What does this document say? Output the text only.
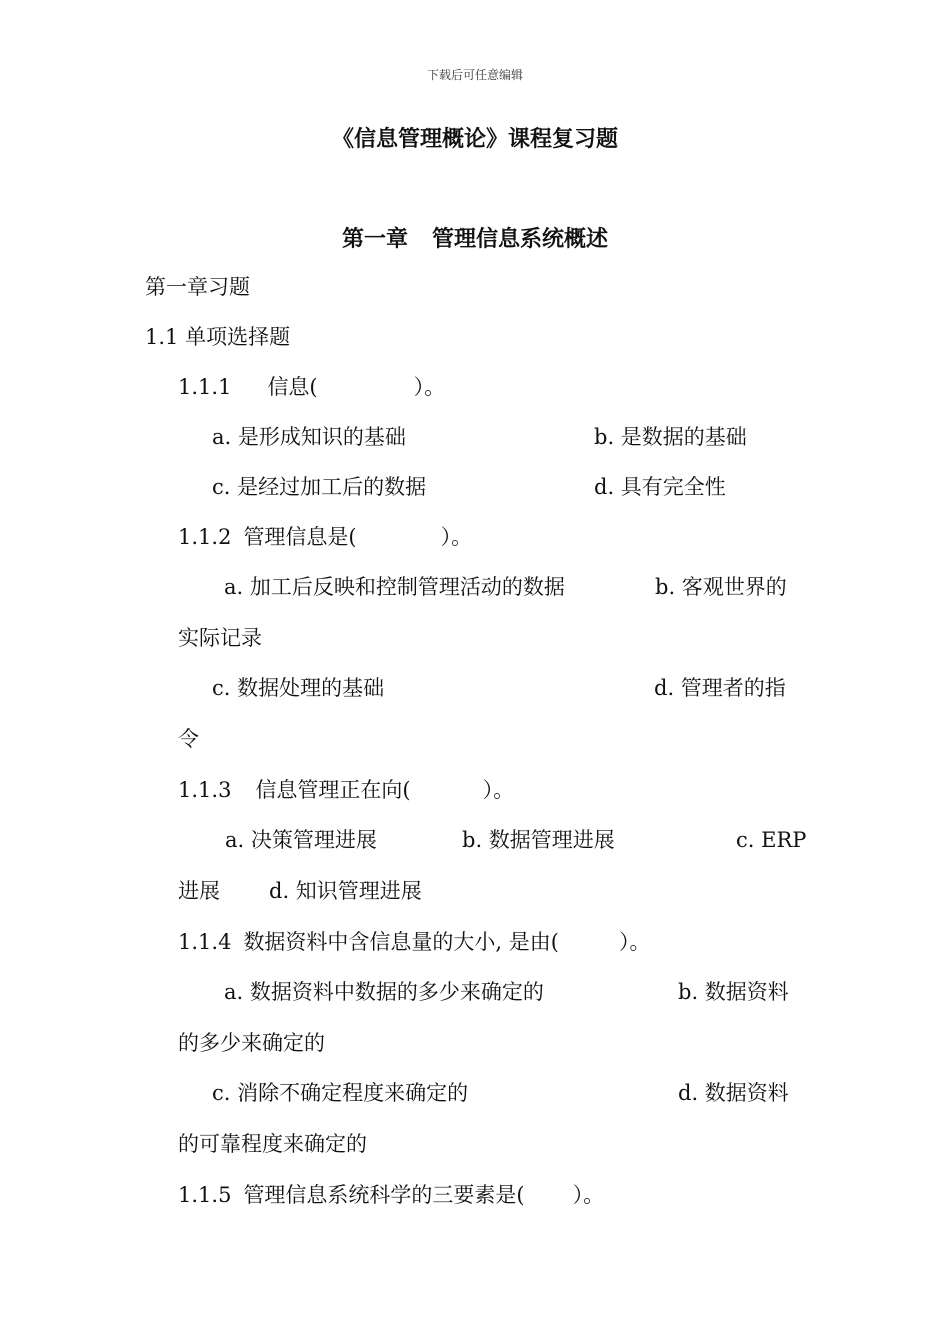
下载后可任意编辑
《信息管理概论》课程复习题
第一章 管理信息系统概述
第一章习题
1.1 单项选择题
1.1.1 信息(	）。
a. 是形成知识的基础	b. 是数据的基础
c. 是经过加工后的数据	d. 具有完全性
1.1.2 管理信息是(	）。
a. 加工后反映和控制管理活动的数据	b. 客观世界的
实际记录
c. 数据处理的基础	d. 管理者的指
令
1.1.3 信息管理正在向(	）。
a. 决策管理进展	b. 数据管理进展	c. ERP
进展 d. 知识管理进展
1.1.4 数据资料中含信息量的大小, 是由(	）。
a. 数据资料中数据的多少来确定的	b. 数据资料
的多少来确定的
c. 消除不确定程度来确定的	d. 数据资料
的可靠程度来确定的
1.1.5 管理信息系统科学的三要素是( ）。
